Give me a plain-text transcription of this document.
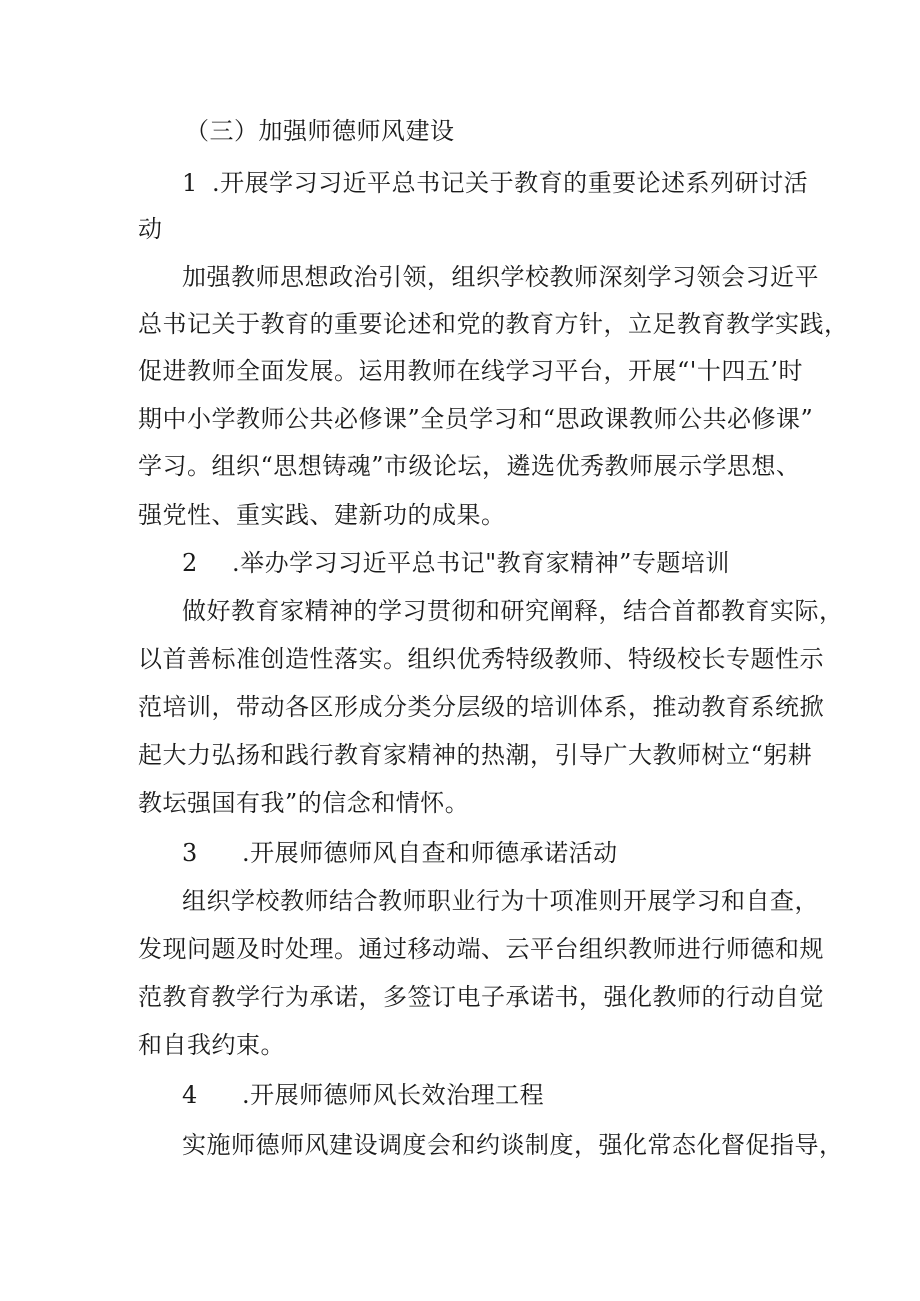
（三）加强师德师风建设
1 .开展学习习近平总书记关于教育的重要论述系列研讨活
动
加强教师思想政治引领，组织学校教师深刻学习领会习近平
总书记关于教育的重要论述和党的教育方针，立足教育教学实践，
促进教师全面发展。运用教师在线学习平台，开展“'十四五’时
期中小学教师公共必修课”全员学习和“思政课教师公共必修课”
学习。组织“思想铸魂”市级论坛，遴选优秀教师展示学思想、
强党性、重实践、建新功的成果。
2 .举办学习习近平总书记"教育家精神”专题培训
做好教育家精神的学习贯彻和研究阐释，结合首都教育实际，
以首善标准创造性落实。组织优秀特级教师、特级校长专题性示
范培训，带动各区形成分类分层级的培训体系，推动教育系统掀
起大力弘扬和践行教育家精神的热潮，引导广大教师树立“躬耕
教坛强国有我”的信念和情怀。
3 .开展师德师风自查和师德承诺活动
组织学校教师结合教师职业行为十项准则开展学习和自查，
发现问题及时处理。通过移动端、云平台组织教师进行师德和规
范教育教学行为承诺，多签订电子承诺书，强化教师的行动自觉
和自我约束。
4 .开展师德师风长效治理工程
实施师德师风建设调度会和约谈制度，强化常态化督促指导，
